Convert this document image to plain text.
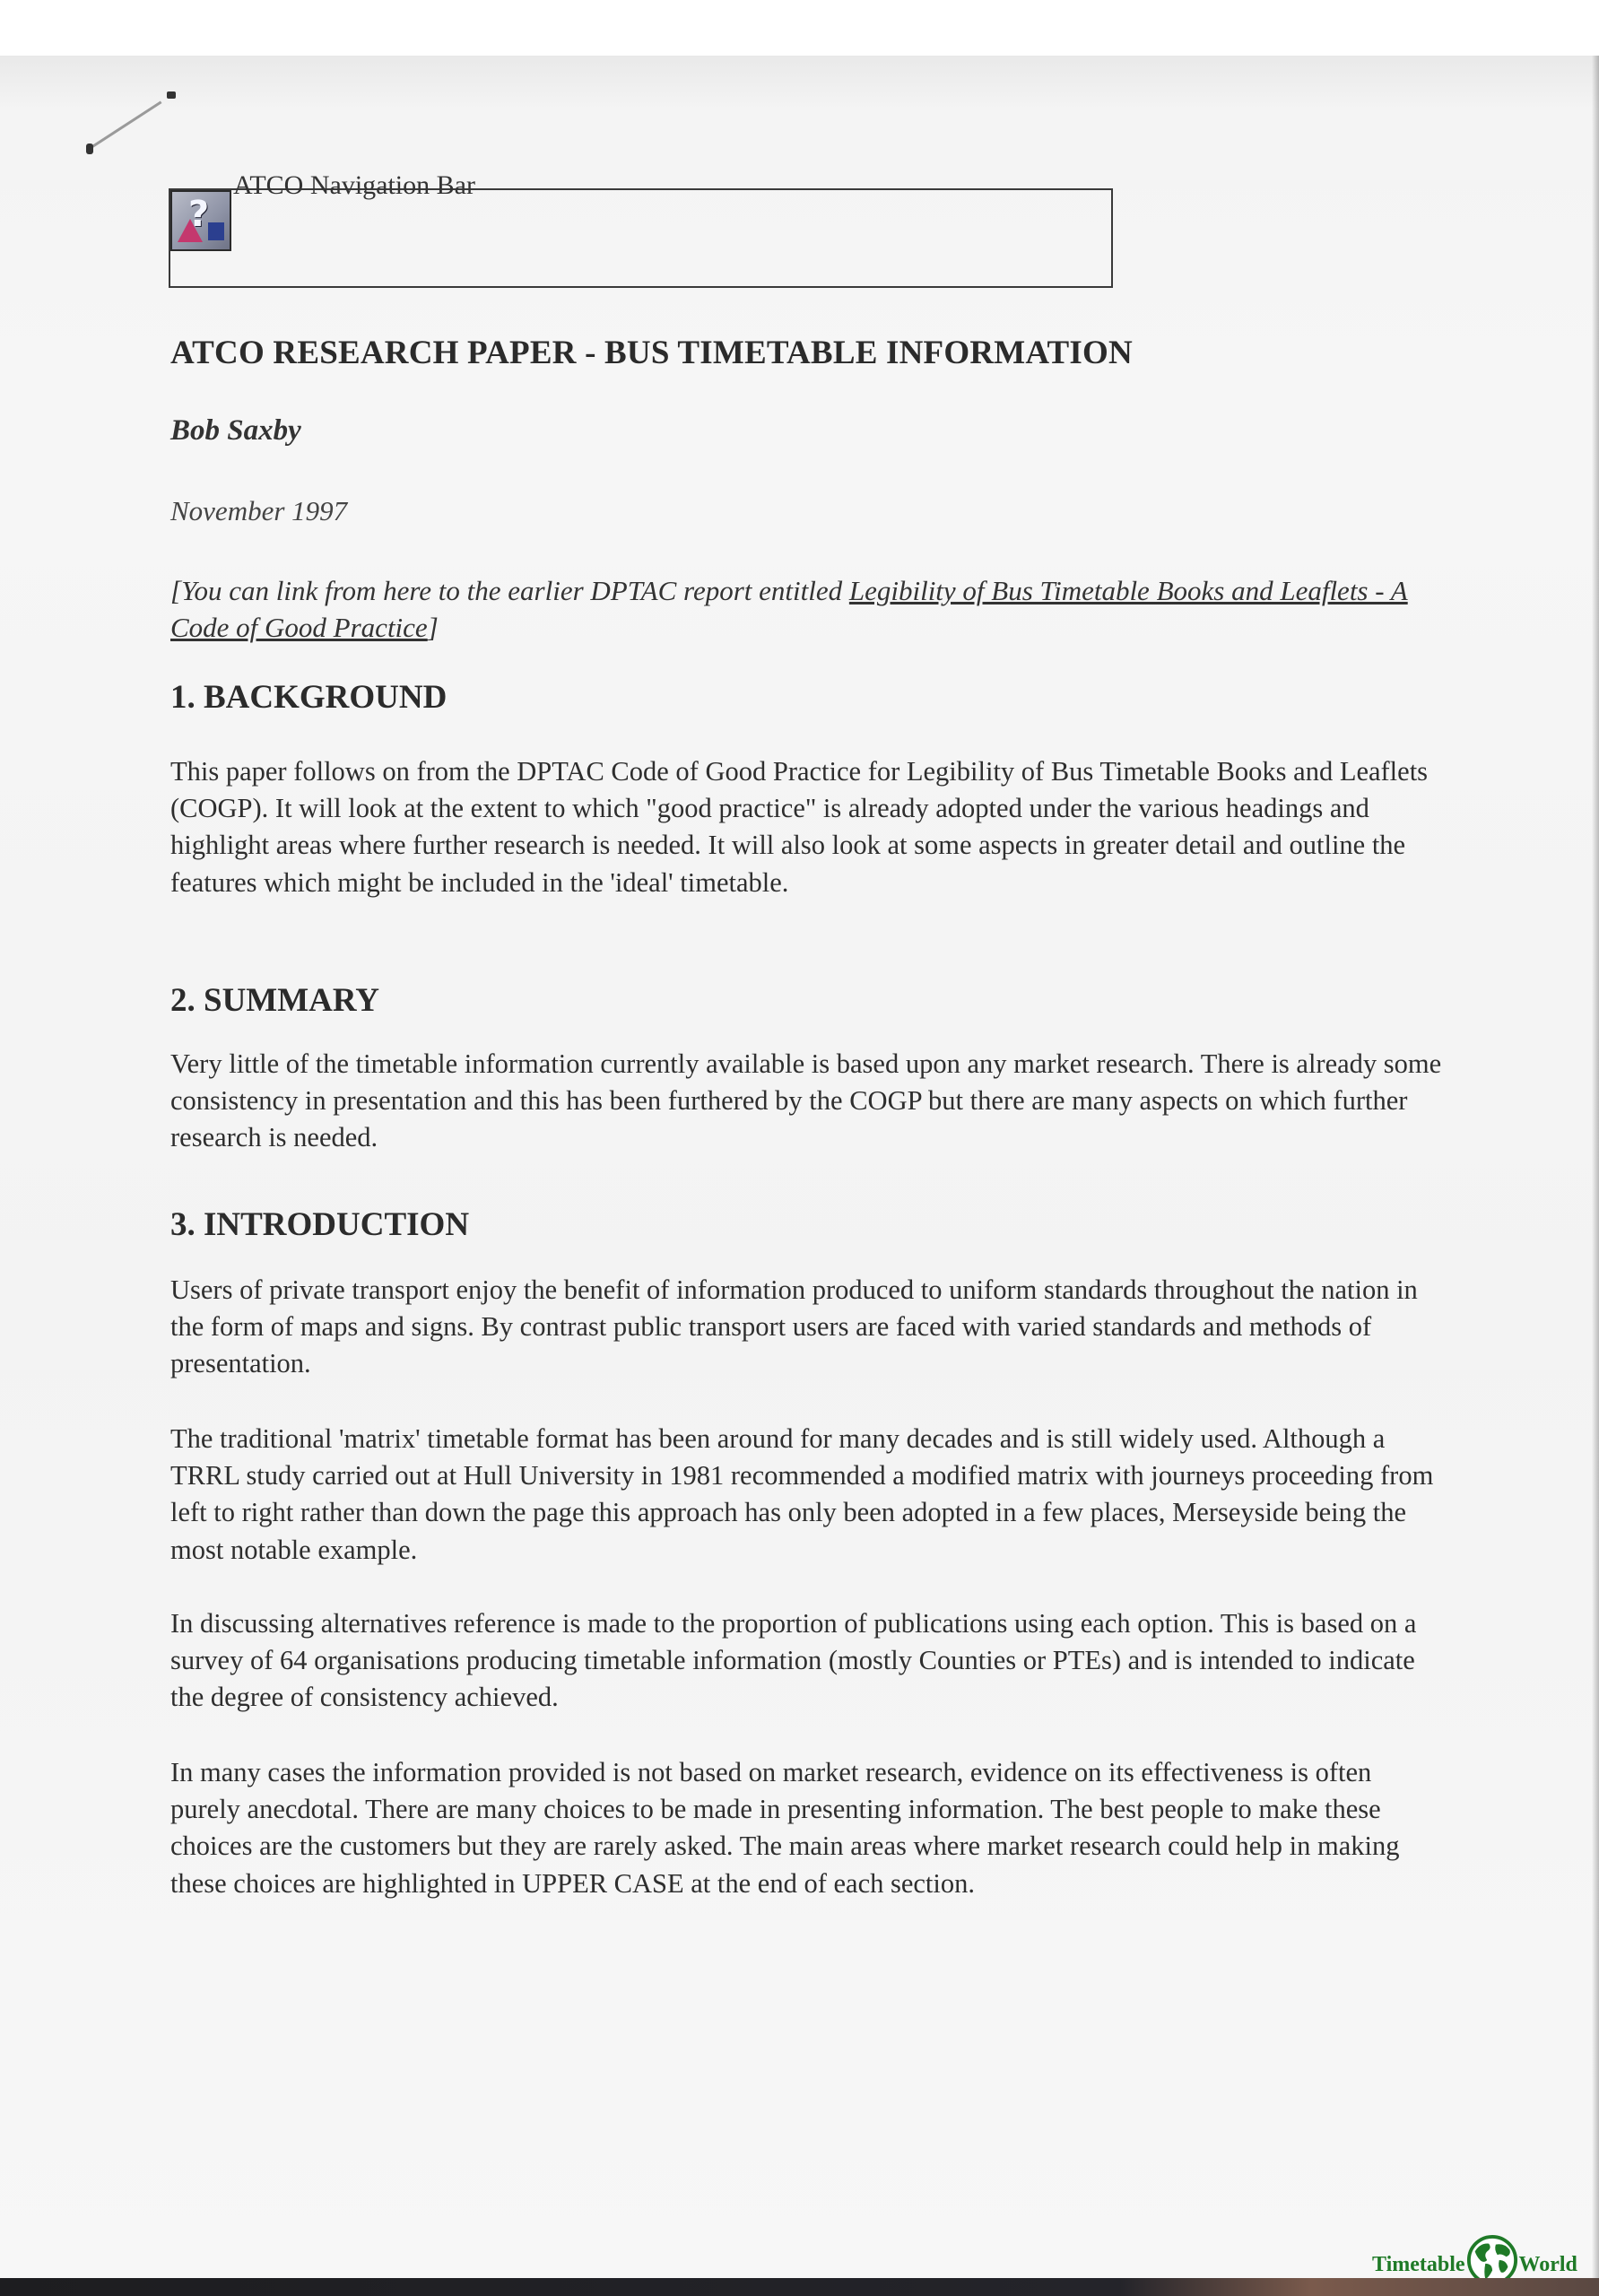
ATCO Navigation Bar
?
ATCO RESEARCH PAPER - BUS TIMETABLE INFORMATION
Bob Saxby
November 1997
[You can link from here to the earlier DPTAC report entitled Legibility of Bus Timetable Books and Leaflets - A Code of Good Practice]
1. BACKGROUND

This paper follows on from the DPTAC Code of Good Practice for Legibility of Bus Timetable Books and Leaflets (COGP). It will look at the extent to which "good practice" is already adopted under the various headings and highlight areas where further research is needed. It will also look at some aspects in greater detail and outline the features which might be included in the 'ideal' timetable.

2. SUMMARY

Very little of the timetable information currently available is based upon any market research. There is already some consistency in presentation and this has been furthered by the COGP but there are many aspects on which further research is needed.

3. INTRODUCTION

Users of private transport enjoy the benefit of information produced to uniform standards throughout the nation in the form of maps and signs. By contrast public transport users are faced with varied standards and methods of presentation.

The traditional 'matrix' timetable format has been around for many decades and is still widely used. Although a TRRL study carried out at Hull University in 1981 recommended a modified matrix with journeys proceeding from left to right rather than down the page this approach has only been adopted in a few places, Merseyside being the most notable example.

In discussing alternatives reference is made to the proportion of publications using each option. This is based on a survey of 64 organisations producing timetable information (mostly Counties or PTEs) and is intended to indicate the degree of consistency achieved.

In many cases the information provided is not based on market research, evidence on its effectiveness is often purely anecdotal. There are many choices to be made in presenting information. The best people to make these choices are the customers but they are rarely asked. The main areas where market research could help in making these choices are highlighted in UPPER CASE at the end of each section.

Timetable	World
